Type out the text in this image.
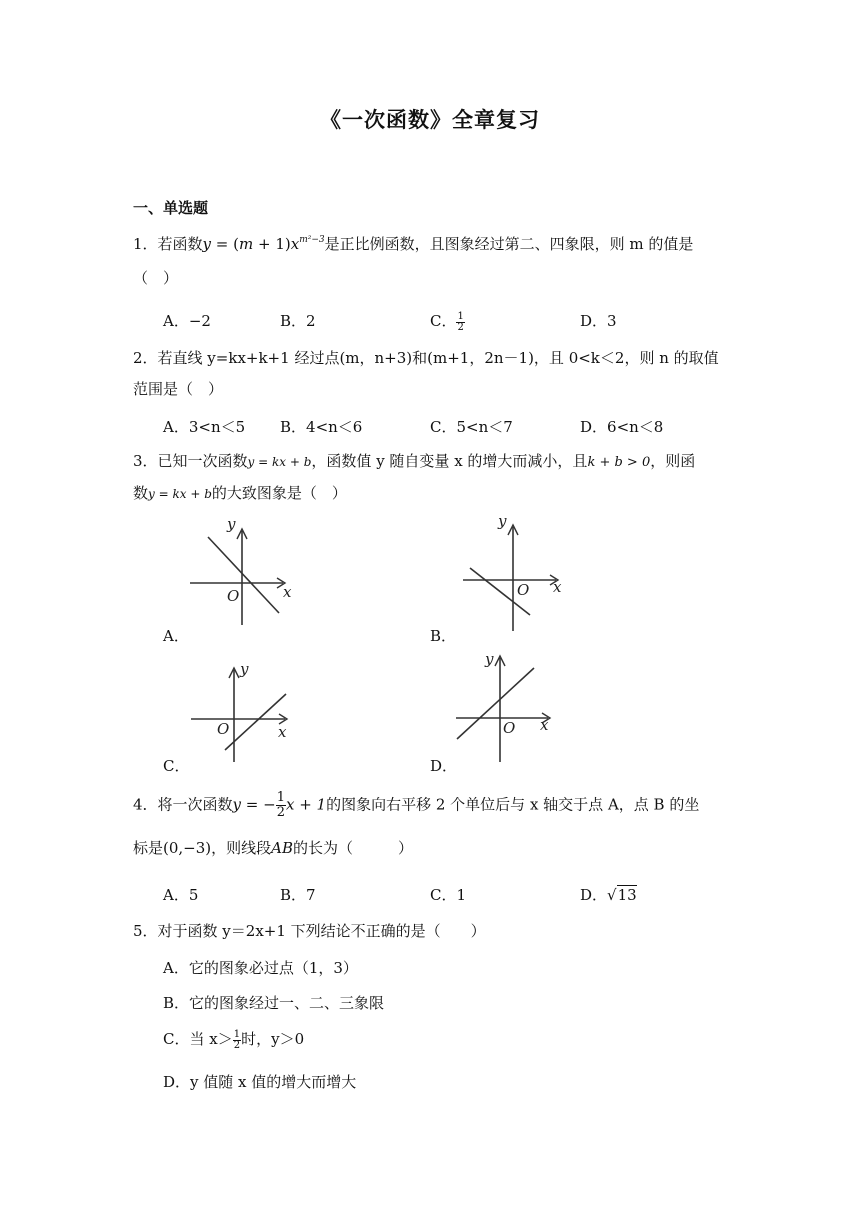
《一次函数》全章复习
一、单选题
1．若函数$y = (m + 1)x^{m^2-3}$是正比例函数，且图象经过第二、四象限，则 m 的值是
（　）
A．−2	B．2	C． $\frac{1}{2}$	D．3
2．若直线 y=kx+k+1 经过点(m，n+3)和(m+1，2n－1)，且 0<k＜2，则 n 的取值
范围是（　）
A．3<n＜5 B．4<n＜6	C．5<n＜7	D．6<n＜8
3．已知一次函数y = kx + b，函数值 y 随自变量 x 的增大而减小，且k + b > 0，则函
数y = kx + b的大致图象是（　）
y
x
O
A．
y
x
O
B．
y
x
O
C．
y
x
O
D．
4．将一次函数y = − $\frac{1}{2}$ x + 1的图象向右平移 2 个单位后与 x 轴交于点 A，点 B 的坐
标是(0,−3)，则线段AB的长为（　　　）
A．5	B．7	C．1	D．√13
5．对于函数 y＝2x+1 下列结论不正确的是（　　）
A．它的图象必过点（1，3）
B．它的图象经过一、二、三象限
C．当 $x> \frac{1}{2}$ 时，y＞0
D．y 值随 x 值的增大而增大
